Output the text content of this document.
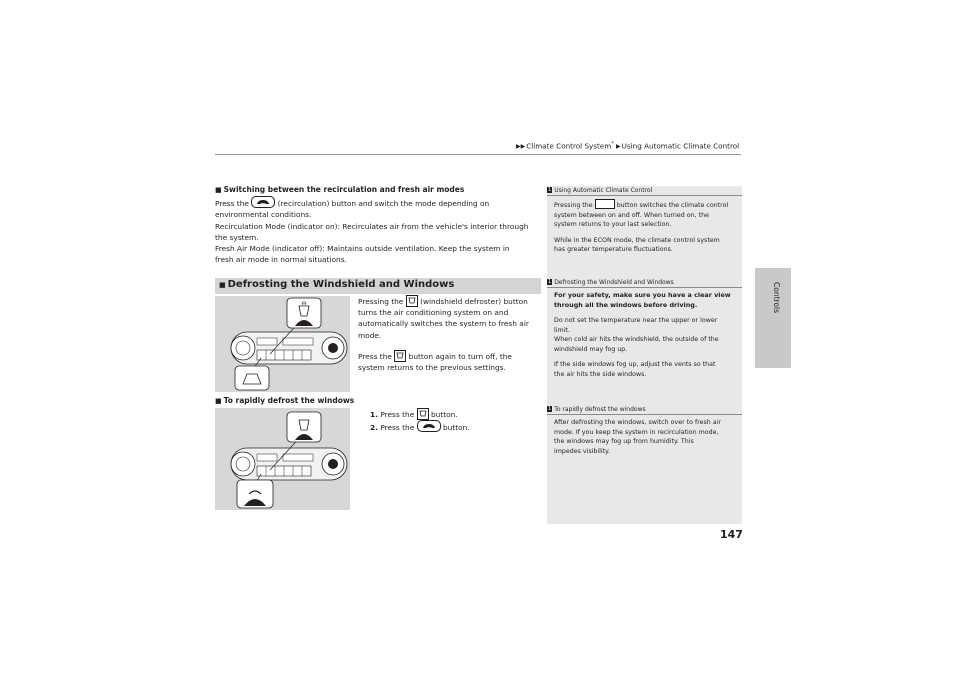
▶▶Climate Control System* ▶Using Automatic Climate Control
Controls
■ Switching between the recirculation and fresh air modes
Press the	(recirculation) button and switch the mode depending on
environmental conditions.
Recirculation Mode (indicator on): Recirculates air from the vehicle's interior through
the system.
Fresh Air Mode (indicator off): Maintains outside ventilation. Keep the system in
fresh air mode in normal situations.
■ Defrosting the Windshield and Windows
Pressing the (windshield defroster) button
turns the air conditioning system on and
automatically switches the system to fresh air
mode.
Press the button again to turn off, the
system returns to the previous settings.
■ To rapidly defrost the windows
1. Press the button.
2. Press the	button.
1 Using Automatic Climate Control
Pressing the	button switches the climate control
system between on and off. When turned on, the
system returns to your last selection.
While in the ECON mode, the climate control system
has greater temperature fluctuations.
1 Defrosting the Windshield and Windows
For your safety, make sure you have a clear view
through all the windows before driving.
Do not set the temperature near the upper or lower
limit.
When cold air hits the windshield, the outside of the
windshield may fog up.
If the side windows fog up, adjust the vents so that
the air hits the side windows.
1 To rapidly defrost the windows
After defrosting the windows, switch over to fresh air
mode. If you keep the system in recirculation mode,
the windows may fog up from humidity. This
impedes visibility.
147
